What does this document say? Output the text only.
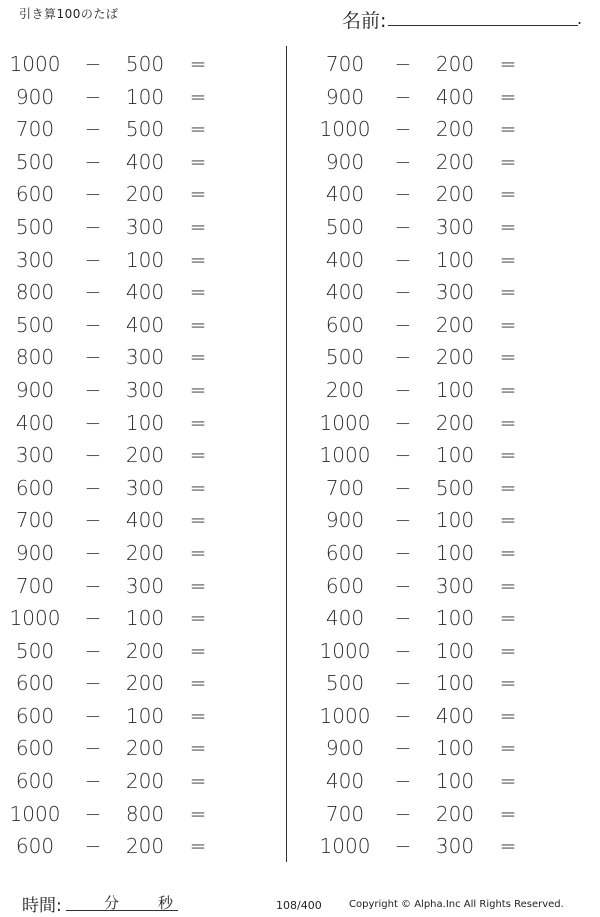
引き算100のたば	名前:	.
1000 −	500	=
900	−	100	=
700	−	500	=
500	−	400	=
600	−	200	=
500	−	300	=
300	−	100	=
800	−	400	=
500	−	400	=
800	−	300	=
900	−	300	=
400	−	100	=
300	−	200	=
600	−	300	=
700	−	400	=
900	−	200	=
700	−	300	=
1000 −	100	=
500	−	200	=
600	−	200	=
600	−	100	=
600	−	200	=
600	−	200	=
1000 −	800	=
600	−	200	=
700	−	200	=
900	−	400	=
1000 −	200	=
900	−	200	=
400	−	200	=
500	−	300	=
400	−	100	=
400	−	300	=
600	−	200	=
500	−	200	=
200	−	100	=
1000 −	200	=
1000 −	100	=
700	−	500	=
900	−	100	=
600	−	100	=
600	−	300	=
400	−	100	=
1000 −	100	=
500	−	100	=
1000 −	400	=
900	−	100	=
400	−	100	=
700	−	200	=
1000 −	300	=
時間:	分	秒	108/400	Copyright © Alpha.Inc All Rights Reserved.
